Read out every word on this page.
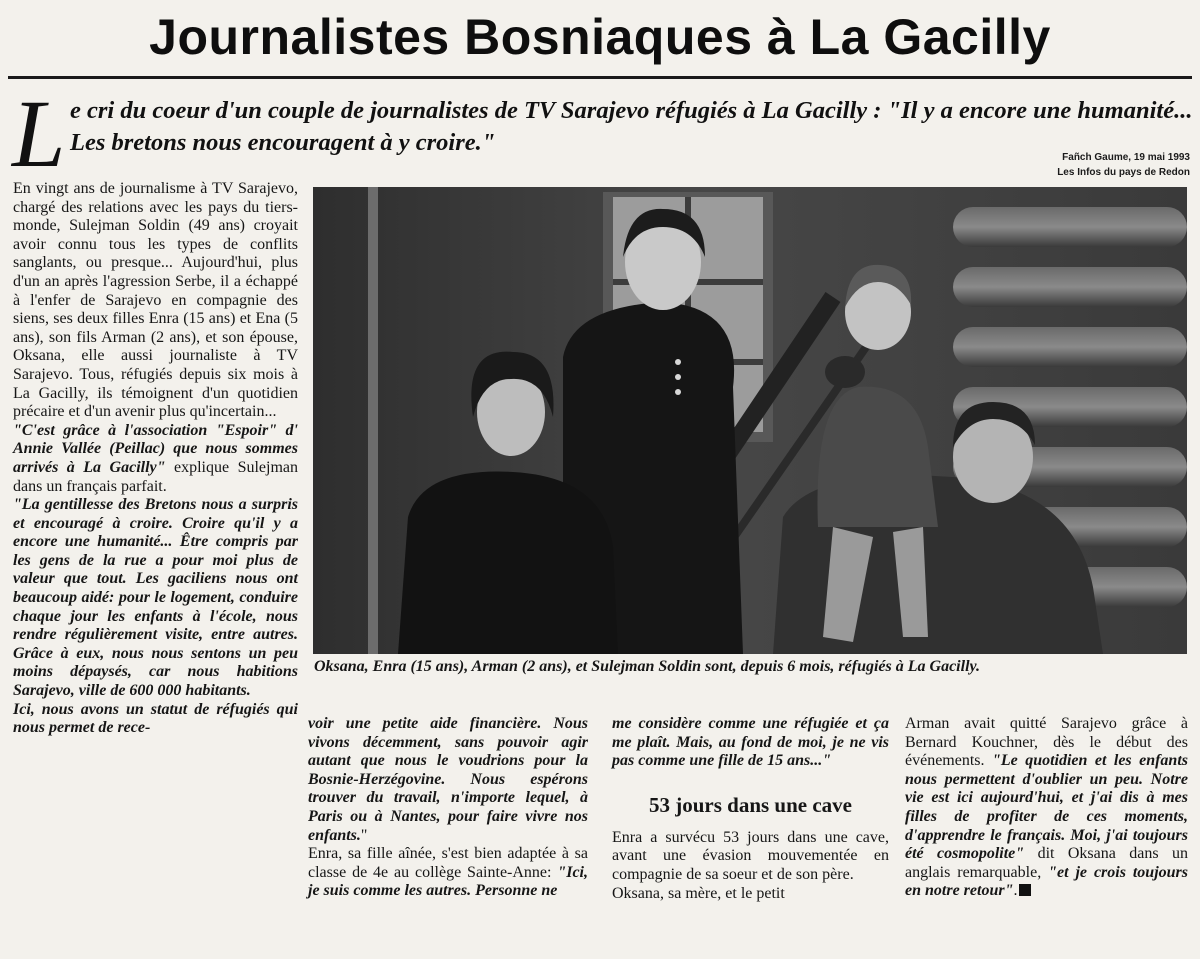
Journalistes Bosniaques à La Gacilly
L e cri du coeur d'un couple de journalistes de TV Sarajevo réfugiés à La Gacilly : "Il y a encore une humanité... Les bretons nous encouragent à y croire."
Fañch Gaume, 19 mai 1993
Les Infos du pays de Redon

En vingt ans de journalisme à TV Sarajevo, chargé des relations avec les pays du tiers-monde, Sulejman Soldin (49 ans) croyait avoir connu tous les types de conflits sanglants, ou presque... Aujourd'hui, plus d'un an après l'agression Serbe, il a échappé à l'enfer de Sarajevo en compagnie des siens, ses deux filles Enra (15 ans) et Ena (5 ans), son fils Arman (2 ans), et son épouse, Oksana, elle aussi journaliste à TV Sarajevo. Tous, réfugiés depuis six mois à La Gacilly, ils témoignent d'un quotidien précaire et d'un avenir plus qu'incertain...

"C'est grâce à l'association "Espoir" d' Annie Vallée (Peillac) que nous sommes arrivés à La Gacilly" explique Sulejman dans un français parfait.

"La gentillesse des Bretons nous a surpris et encouragé à croire. Croire qu'il y a encore une humanité... Être compris par les gens de la rue a pour moi plus de valeur que tout. Les gaciliens nous ont beaucoup aidé: pour le logement, conduire chaque jour les enfants à l'école, nous rendre régulièrement visite, entre autres. Grâce à eux, nous nous sentons un peu moins dépaysés, car nous habitions Sarajevo, ville de 600 000 habitants.

Ici, nous avons un statut de réfugiés qui nous permet de rece-

Oksana, Enra (15 ans), Arman (2 ans), et Sulejman Soldin sont, depuis 6 mois, réfugiés à La Gacilly.

voir une petite aide financière. Nous vivons décemment, sans pouvoir agir autant que nous le voudrions pour la Bosnie-Herzégovine. Nous espérons trouver du travail, n'importe lequel, à Paris ou à Nantes, pour faire vivre nos enfants."

Enra, sa fille aînée, s'est bien adaptée à sa classe de 4e au collège Sainte-Anne: "Ici, je suis comme les autres. Personne ne

me considère comme une réfugiée et ça me plaît. Mais, au fond de moi, je ne vis pas comme une fille de 15 ans..."

53 jours dans une cave

Enra a survécu 53 jours dans une cave, avant une évasion mouvementée en compagnie de sa soeur et de son père.

Oksana, sa mère, et le petit

Arman avait quitté Sarajevo grâce à Bernard Kouchner, dès le début des événements. "Le quotidien et les enfants nous permettent d'oublier un peu. Notre vie est ici aujourd'hui, et j'ai dis à mes filles de profiter de ces moments, d'apprendre le français. Moi, j'ai toujours été cosmopolite" dit Oksana dans un anglais remarquable, "et je crois toujours en notre retour".
